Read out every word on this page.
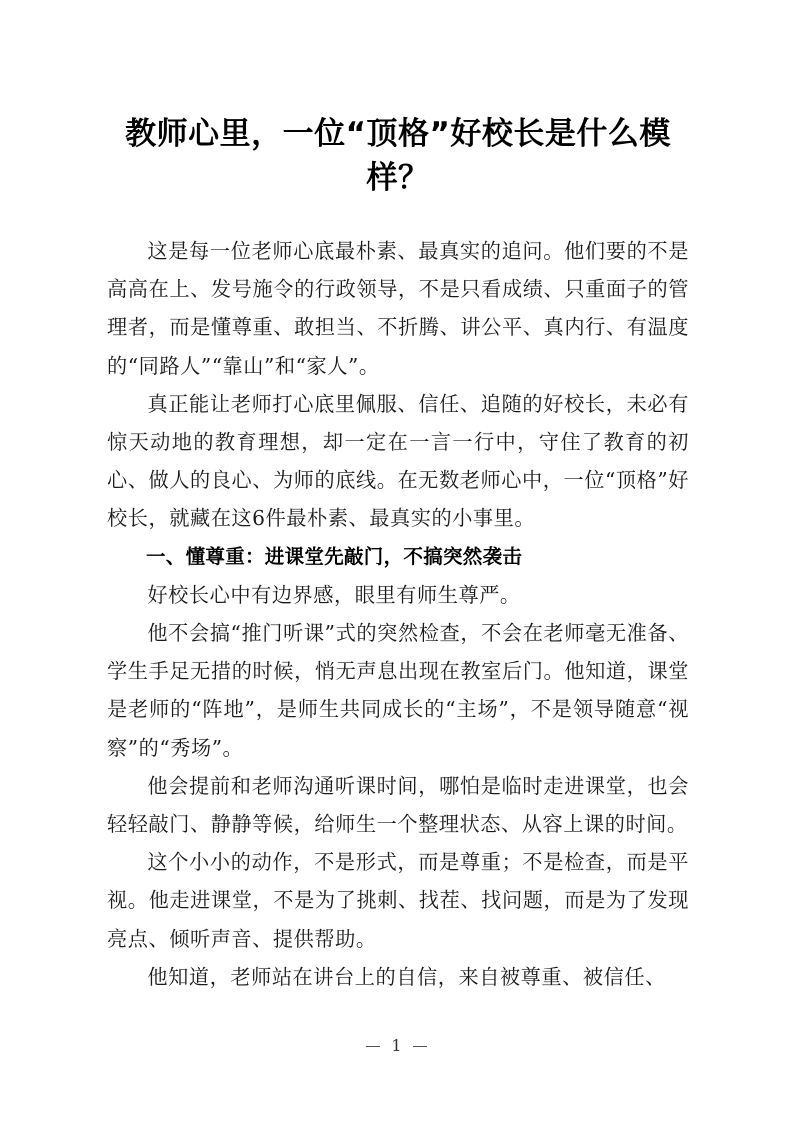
教师心里，一位“顶格”好校长是什么模样？

这是每一位老师心底最朴素、最真实的追问。他们要的不是高高在上、发号施令的行政领导，不是只看成绩、只重面子的管理者，而是懂尊重、敢担当、不折腾、讲公平、真内行、有温度的“同路人”“靠山”和“家人”。

真正能让老师打心底里佩服、信任、追随的好校长，未必有惊天动地的教育理想，却一定在一言一行中，守住了教育的初心、做人的良心、为师的底线。在无数老师心中，一位“顶格”好校长，就藏在这6件最朴素、最真实的小事里。

一、懂尊重：进课堂先敲门，不搞突然袭击

好校长心中有边界感，眼里有师生尊严。

他不会搞“推门听课”式的突然检查，不会在老师毫无准备、学生手足无措的时候，悄无声息出现在教室后门。他知道，课堂是老师的“阵地”，是师生共同成长的“主场”，不是领导随意“视察”的“秀场”。

他会提前和老师沟通听课时间，哪怕是临时走进课堂，也会轻轻敲门、静静等候，给师生一个整理状态、从容上课的时间。

这个小小的动作，不是形式，而是尊重；不是检查，而是平视。他走进课堂，不是为了挑刺、找茬、找问题，而是为了发现亮点、倾听声音、提供帮助。

他知道，老师站在讲台上的自信，来自被尊重、被信任、

1
